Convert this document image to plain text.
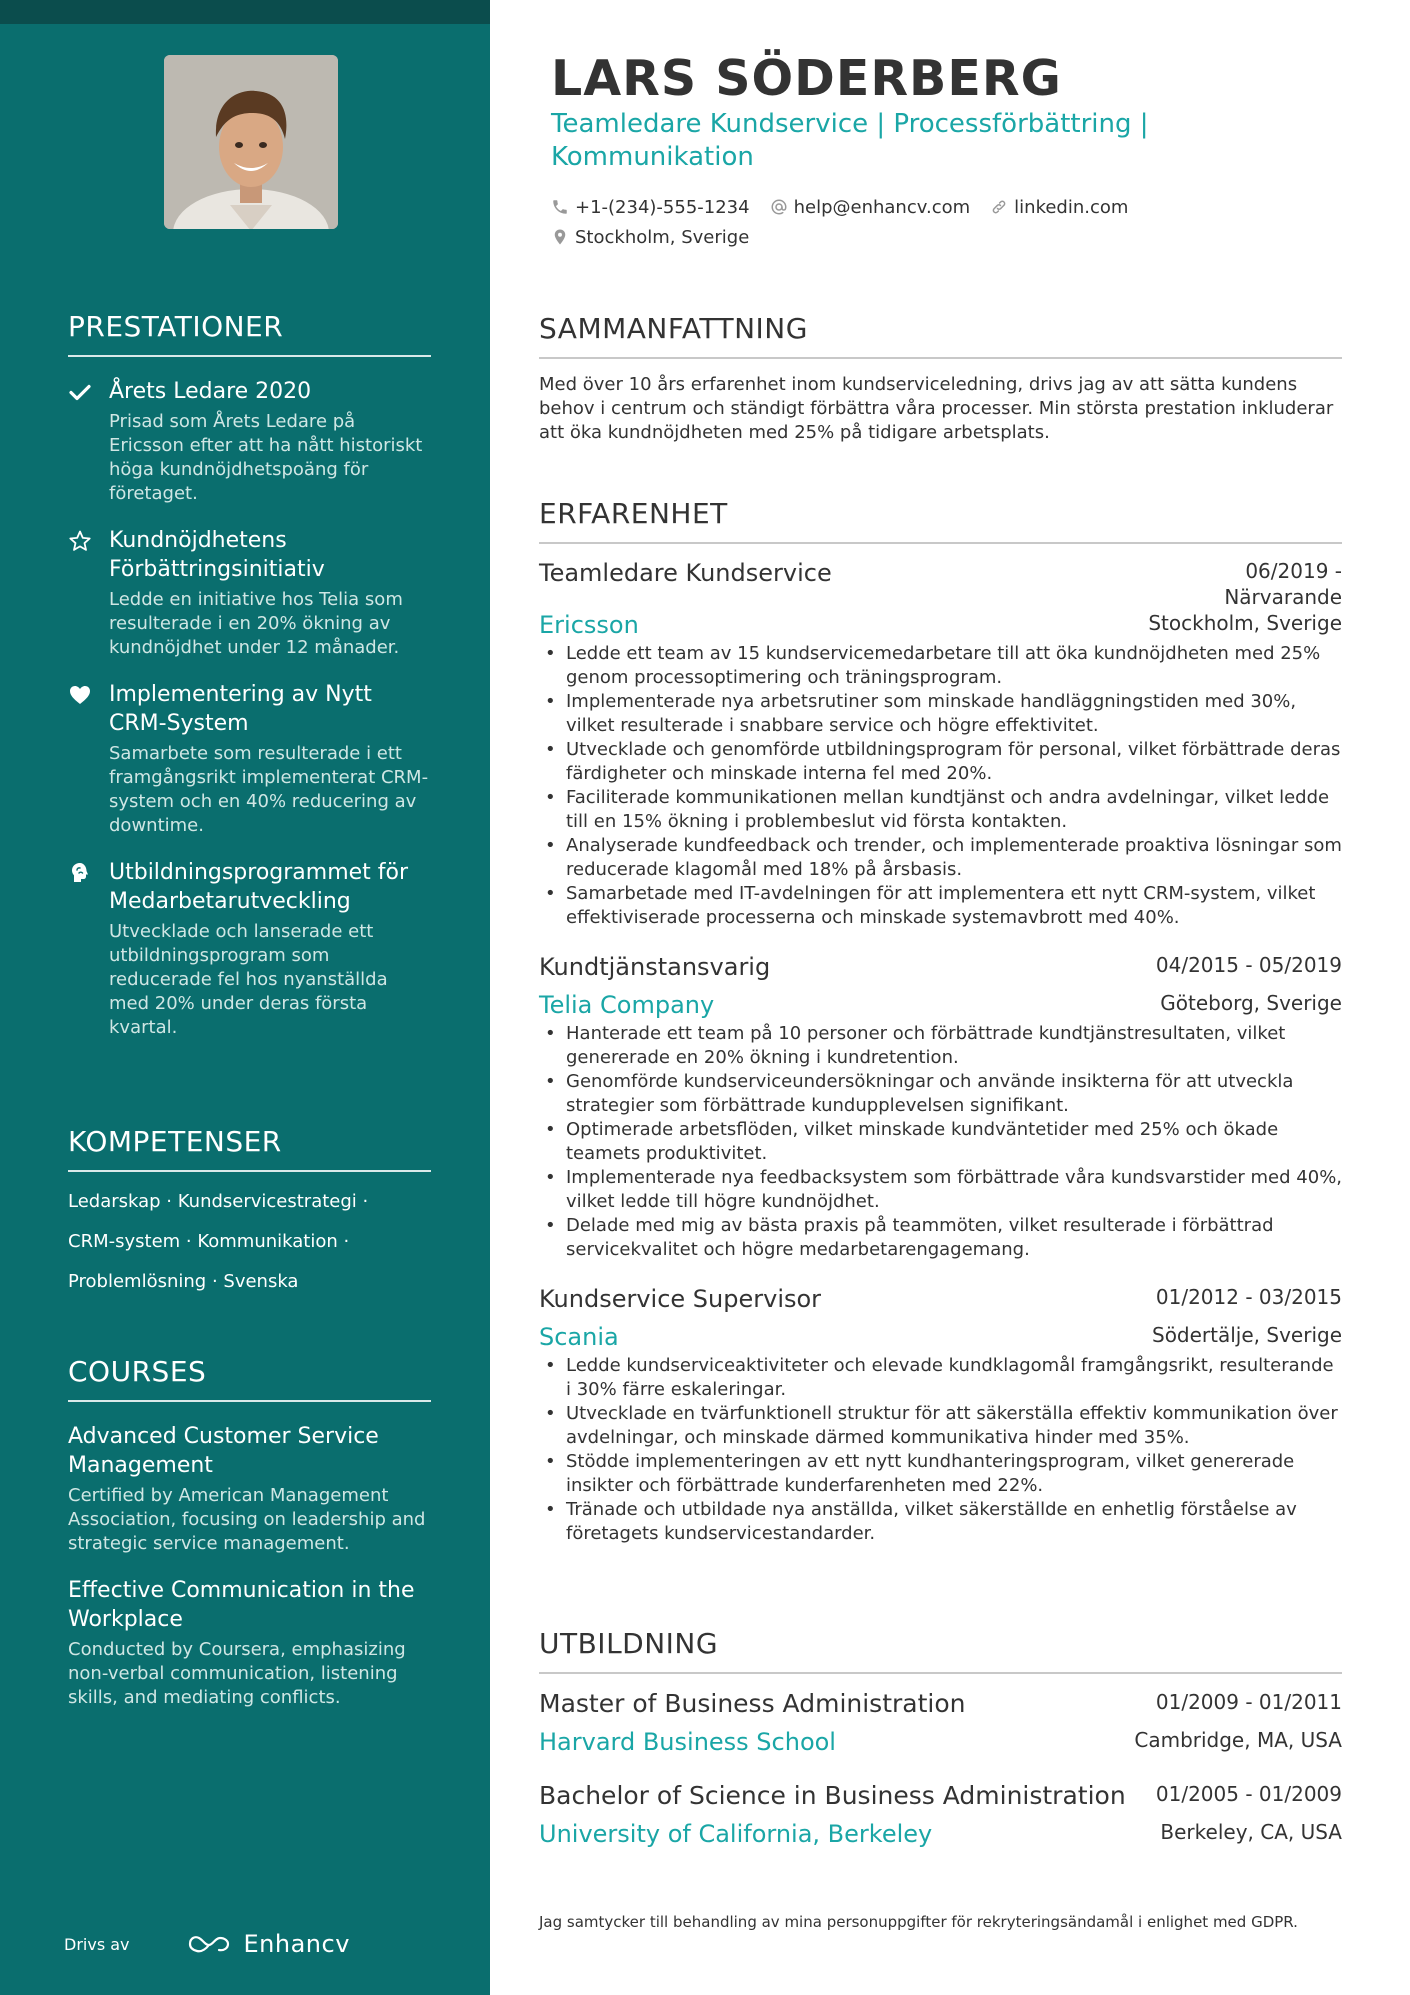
PRESTATIONER
Årets Ledare 2020
Prisad som Årets Ledare på Ericsson efter att ha nått historiskt höga kundnöjdhetspoäng för företaget.
Kundnöjdhetens Förbättringsinitiativ
Ledde en initiative hos Telia som resulterade i en 20% ökning av kundnöjdhet under 12 månader.
Implementering av Nytt CRM-System
Samarbete som resulterade i ett framgångsrikt implementerat CRM-system och en 40% reducering av downtime.
Utbildningsprogrammet för Medarbetarutveckling
Utvecklade och lanserade ett utbildningsprogram som reducerade fel hos nyanställda med 20% under deras första kvartal.
KOMPETENSER
Ledarskap · Kundservicestrategi ·
CRM-system · Kommunikation ·
Problemlösning · Svenska
COURSES
Advanced Customer Service Management
Certified by American Management Association, focusing on leadership and strategic service management.
Effective Communication in the Workplace
Conducted by Coursera, emphasizing non-verbal communication, listening skills, and mediating conflicts.
Drivs av	Enhancv
LARS SÖDERBERG
Teamledare Kundservice | Processförbättring | Kommunikation
+1-(234)-555-1234 help@enhancv.com linkedin.com
Stockholm, Sverige
SAMMANFATTNING
Med över 10 års erfarenhet inom kundserviceledning, drivs jag av att sätta kundens behov i centrum och ständigt förbättra våra processer. Min största prestation inkluderar att öka kundnöjdheten med 25% på tidigare arbetsplats.
ERFARENHET
Teamledare Kundservice	06/2019 -
Närvarande
Ericsson	Stockholm, Sverige
• Ledde ett team av 15 kundservicemedarbetare till att öka kundnöjdheten med 25% genom processoptimering och träningsprogram.
• Implementerade nya arbetsrutiner som minskade handläggningstiden med 30%, vilket resulterade i snabbare service och högre effektivitet.
• Utvecklade och genomförde utbildningsprogram för personal, vilket förbättrade deras färdigheter och minskade interna fel med 20%.
• Faciliterade kommunikationen mellan kundtjänst och andra avdelningar, vilket ledde till en 15% ökning i problembeslut vid första kontakten.
• Analyserade kundfeedback och trender, och implementerade proaktiva lösningar som reducerade klagomål med 18% på årsbasis.
• Samarbetade med IT-avdelningen för att implementera ett nytt CRM-system, vilket effektiviserade processerna och minskade systemavbrott med 40%.
Kundtjänstansvarig	04/2015 - 05/2019
Telia Company	Göteborg, Sverige
• Hanterade ett team på 10 personer och förbättrade kundtjänstresultaten, vilket genererade en 20% ökning i kundretention.
• Genomförde kundserviceundersökningar och använde insikterna för att utveckla strategier som förbättrade kundupplevelsen signifikant.
• Optimerade arbetsflöden, vilket minskade kundväntetider med 25% och ökade teamets produktivitet.
• Implementerade nya feedbacksystem som förbättrade våra kundsvarstider med 40%, vilket ledde till högre kundnöjdhet.
• Delade med mig av bästa praxis på teammöten, vilket resulterade i förbättrad servicekvalitet och högre medarbetarengagemang.
Kundservice Supervisor	01/2012 - 03/2015
Scania	Södertälje, Sverige
• Ledde kundserviceaktiviteter och elevade kundklagomål framgångsrikt, resulterande i 30% färre eskaleringar.
• Utvecklade en tvärfunktionell struktur för att säkerställa effektiv kommunikation över avdelningar, och minskade därmed kommunikativa hinder med 35%.
• Stödde implementeringen av ett nytt kundhanteringsprogram, vilket genererade insikter och förbättrade kunderfarenheten med 22%.
• Tränade och utbildade nya anställda, vilket säkerställde en enhetlig förståelse av företagets kundservicestandarder.
UTBILDNING
Master of Business Administration	01/2009 - 01/2011
Harvard Business School	Cambridge, MA, USA
Bachelor of Science in Business Administration 01/2005 - 01/2009
University of California, Berkeley	Berkeley, CA, USA
Jag samtycker till behandling av mina personuppgifter för rekryteringsändamål i enlighet med GDPR.
